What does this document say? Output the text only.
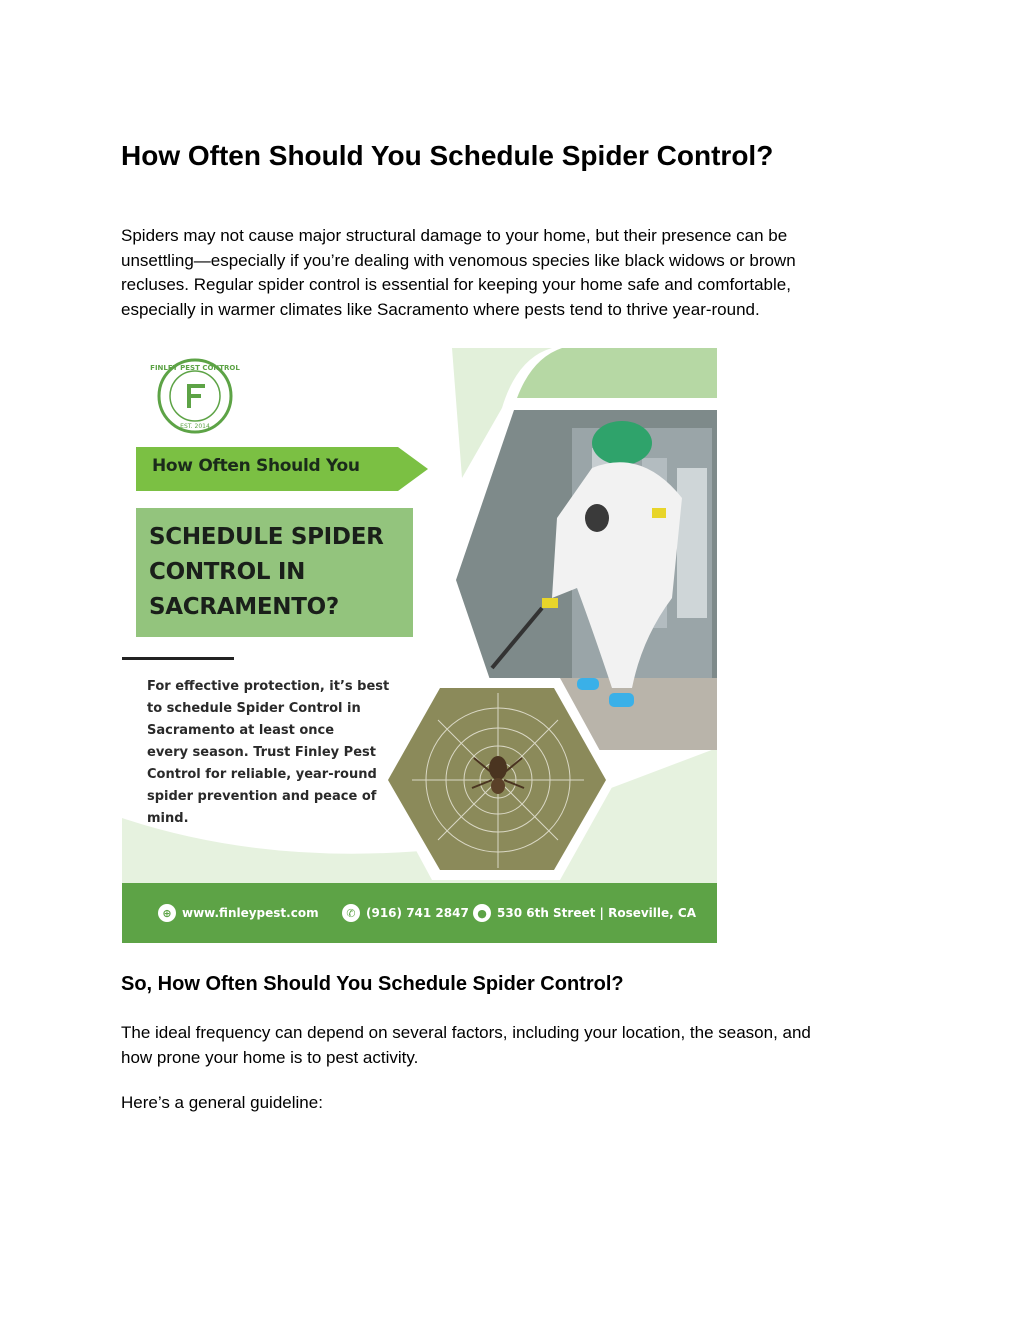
How Often Should You Schedule Spider Control?

Spiders may not cause major structural damage to your home, but their presence can be
unsettling—especially if you’re dealing with venomous species like black widows or brown
recluses. Regular spider control is essential for keeping your home safe and comfortable,
especially in warmer climates like Sacramento where pests tend to thrive year-round.

FINLEY PEST CONTROL
EST. 2014
How Often Should You
SCHEDULE SPIDER
CONTROL IN
SACRAMENTO?
For effective protection, it’s best
to schedule Spider Control in
Sacramento at least once
every season. Trust Finley Pest
Control for reliable, year-round
spider prevention and peace of
mind.
⊕ www.finleypest.com	✆ (916) 741 2847 ● 530 6th Street | Roseville, CA
So, How Often Should You Schedule Spider Control?

The ideal frequency can depend on several factors, including your location, the season, and
how prone your home is to pest activity.

Here’s a general guideline:
